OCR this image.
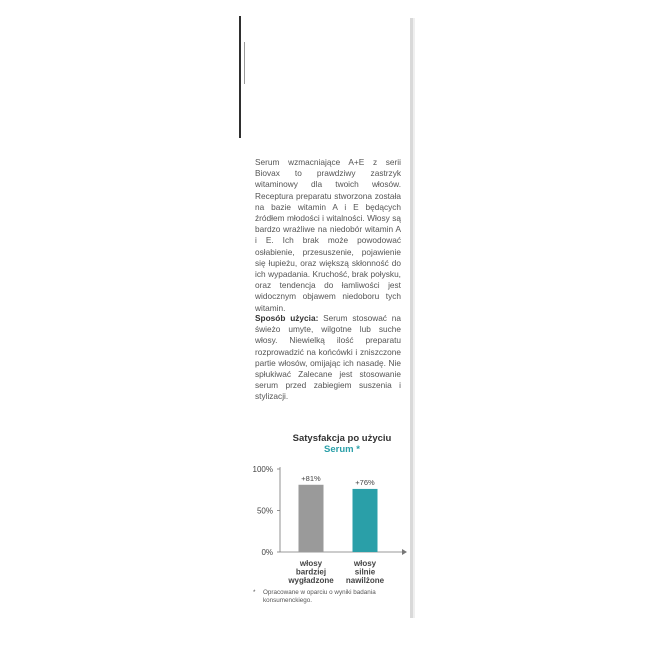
Serum wzmacniające A+E z serii Biovax to prawdziwy zastrzyk witaminowy dla twoich włosów. Receptura preparatu stworzona została na bazie witamin A i E będących źródłem młodości i witalności. Włosy są bardzo wrażliwe na niedobór witamin A i E. Ich brak może powodować osłabienie, przesuszenie, pojawienie się łupieżu, oraz większą skłonność do ich wypadania. Kruchość, brak połysku, oraz tendencja do łamliwości jest widocznym objawem niedoboru tych witamin.

Sposób użycia: Serum stosować na świeżo umyte, wilgotne lub suche włosy. Niewielką ilość preparatu rozprowadzić na końcówki i zniszczone partie włosów, omijając ich nasadę. Nie spłukiwać Zalecane jest stosowanie serum przed zabiegiem suszenia i stylizacji.

Satysfakcja po użyciu
Serum *
100%
50%
0%
+81%
włosy
bardziej
wygładzone
+76%
włosy
silnie
nawilżone
*	Opracowane w oparciu o wyniki badania konsumenckiego.
